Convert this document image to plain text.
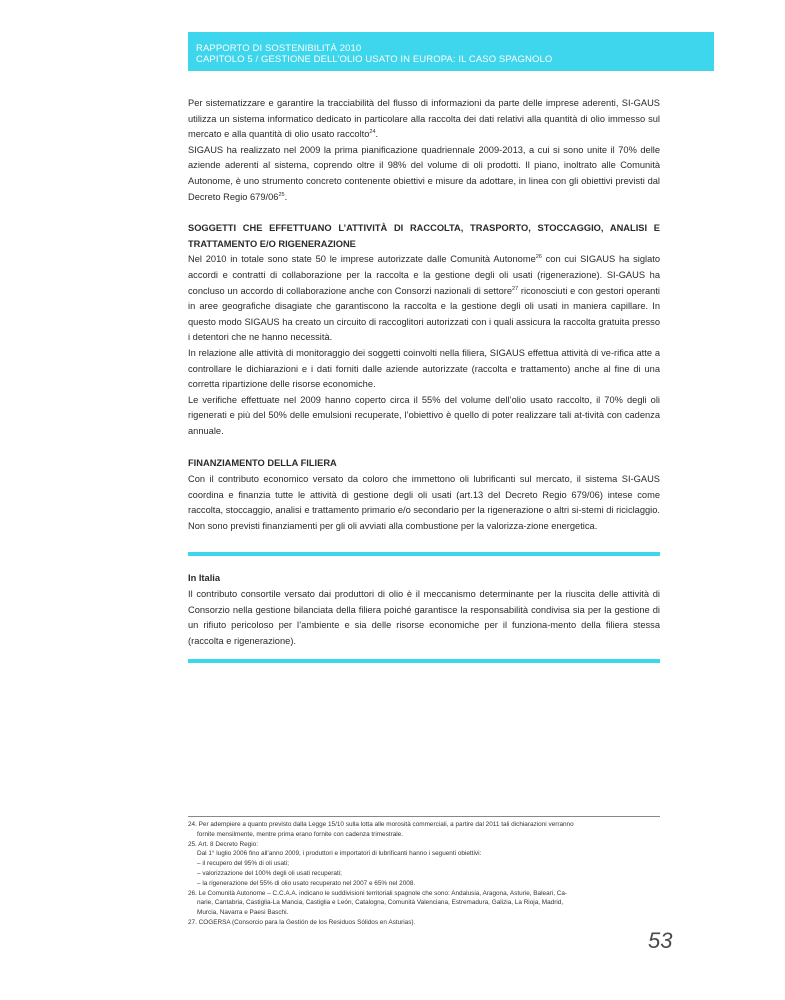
RAPPORTO DI SOSTENIBILITÀ 2010
CAPITOLO 5 / GESTIONE DELL’OLIO USATO IN EUROPA: IL CASO SPAGNOLO

Per sistematizzare e garantire la tracciabilità del flusso di informazioni da parte delle imprese aderenti, SI-GAUS utilizza un sistema informatico dedicato in particolare alla raccolta dei dati relativi alla quantità di olio immesso sul mercato e alla quantità di olio usato raccolto$^{24}$.

SIGAUS ha realizzato nel 2009 la prima pianificazione quadriennale 2009-2013, a cui si sono unite il 70% delle aziende aderenti al sistema, coprendo oltre il 98% del volume di oli prodotti. Il piano, inoltrato alle Comunità Autonome, è uno strumento concreto contenente obiettivi e misure da adottare, in linea con gli obiettivi previsti dal Decreto Regio $679/06^{25}$.

SOGGETTI CHE EFFETTUANO L’ATTIVITÀ DI RACCOLTA, TRASPORTO, STOCCAGGIO, ANALISI E TRATTAMENTO E/O RIGENERAZIONE

Nel 2010 in totale sono state 50 le imprese autorizzate dalle Comunità Autonome$^{26}$ con cui SIGAUS ha siglato accordi e contratti di collaborazione per la raccolta e la gestione degli oli usati (rigenerazione). SI-GAUS ha concluso un accordo di collaborazione anche con Consorzi nazionali di settore$^{27}$ riconosciuti e con gestori operanti in aree geografiche disagiate che garantiscono la raccolta e la gestione degli oli usati in maniera capillare. In questo modo SIGAUS ha creato un circuito di raccoglitori autorizzati con i quali assicura la raccolta gratuita presso i detentori che ne hanno necessità.

In relazione alle attività di monitoraggio dei soggetti coinvolti nella filiera, SIGAUS effettua attività di ve-rifica atte a controllare le dichiarazioni e i dati forniti dalle aziende autorizzate (raccolta e trattamento) anche al fine di una corretta ripartizione delle risorse economiche.

Le verifiche effettuate nel 2009 hanno coperto circa il 55% del volume dell’olio usato raccolto, il 70% degli oli rigenerati e più del 50% delle emulsioni recuperate, l’obiettivo è quello di poter realizzare tali at-tività con cadenza annuale.

FINANZIAMENTO DELLA FILIERA

Con il contributo economico versato da coloro che immettono oli lubrificanti sul mercato, il sistema SI-GAUS coordina e finanzia tutte le attività di gestione degli oli usati (art.13 del Decreto Regio 679/06) intese come raccolta, stoccaggio, analisi e trattamento primario e/o secondario per la rigenerazione o altri si-stemi di riciclaggio. Non sono previsti finanziamenti per gli oli avviati alla combustione per la valorizza-zione energetica.

In Italia

Il contributo consortile versato dai produttori di olio è il meccanismo determinante per la riuscita delle attività di Consorzio nella gestione bilanciata della filiera poiché garantisce la responsabilità condivisa sia per la gestione di un rifiuto pericoloso per l’ambiente e sia delle risorse economiche per il funziona-mento della filiera stessa (raccolta e rigenerazione).

24. Per adempiere a quanto previsto dalla Legge 15/10 sulla lotta alle morosità commerciali, a partire dal 2011 tali dichiarazioni verranno

fornite mensilmente, mentre prima erano fornite con cadenza trimestrale.

25. Art. 8 Decreto Regio:

Dal 1° luglio 2006 fino all’anno 2009, i produttori e importatori di lubrificanti hanno i seguenti obiettivi:

– il recupero del 95% di oli usati;

– valorizzazione del 100% degli oli usati recuperati;

– la rigenerazione del 55% di olio usato recuperato nel 2007 e 65% nel 2008.

26. Le Comunità Autonome – C.C.A.A. indicano le suddivisioni territoriali spagnole che sono: Andalusia, Aragona, Asturie, Baleari, Ca-

narie, Cantabria, Castiglia-La Mancia, Castiglia e León, Catalogna, Comunità Valenciana, Estremadura, Galizia, La Rioja, Madrid,

Murcia, Navarra e Paesi Baschi.

27. COGERSA (Consorcio para la Gestión de los Residuos Sólidos en Asturias).

53
